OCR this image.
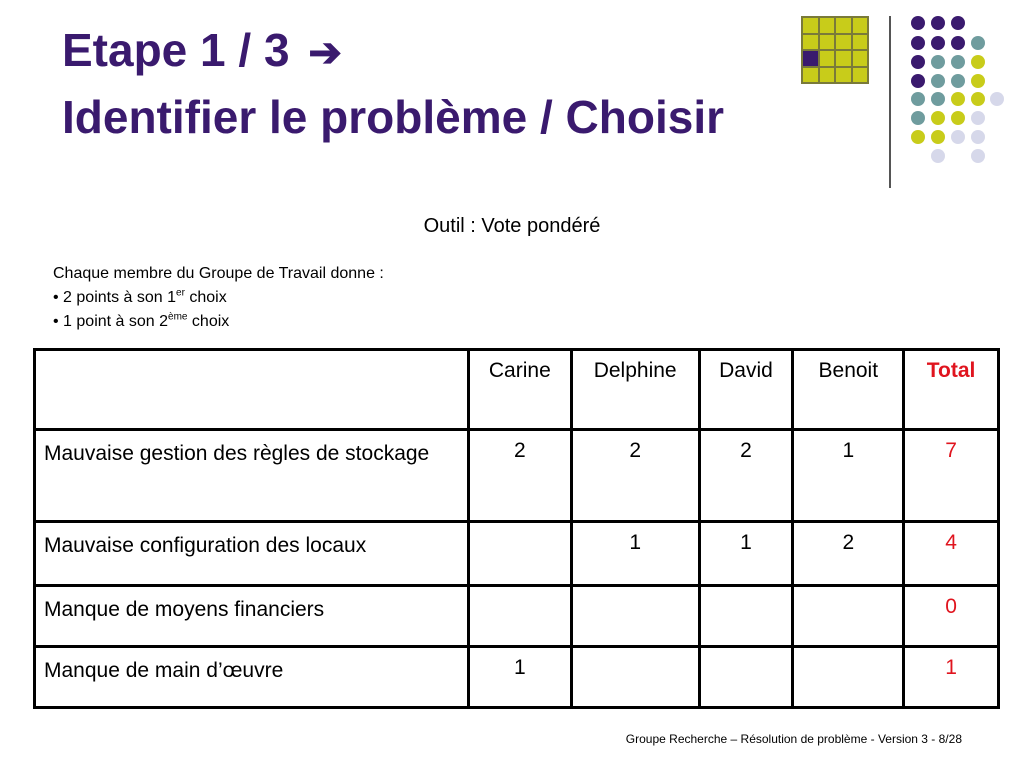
Etape 1 / 3 ➔
Identifier le problème / Choisir
Outil : Vote pondéré
Chaque membre du Groupe de Travail donne :
• 2 points à son 1er choix
• 1 point à son 2ème choix
	Carine	Delphine	David	Benoit	Total
Mauvaise gestion des règles de stockage	2	2	2	1	7
Mauvaise configuration des locaux		1	1	2	4
Manque de moyens financiers					0
Manque de main d’œuvre	1				1
Groupe Recherche – Résolution de problème - Version 3 - 8/28
